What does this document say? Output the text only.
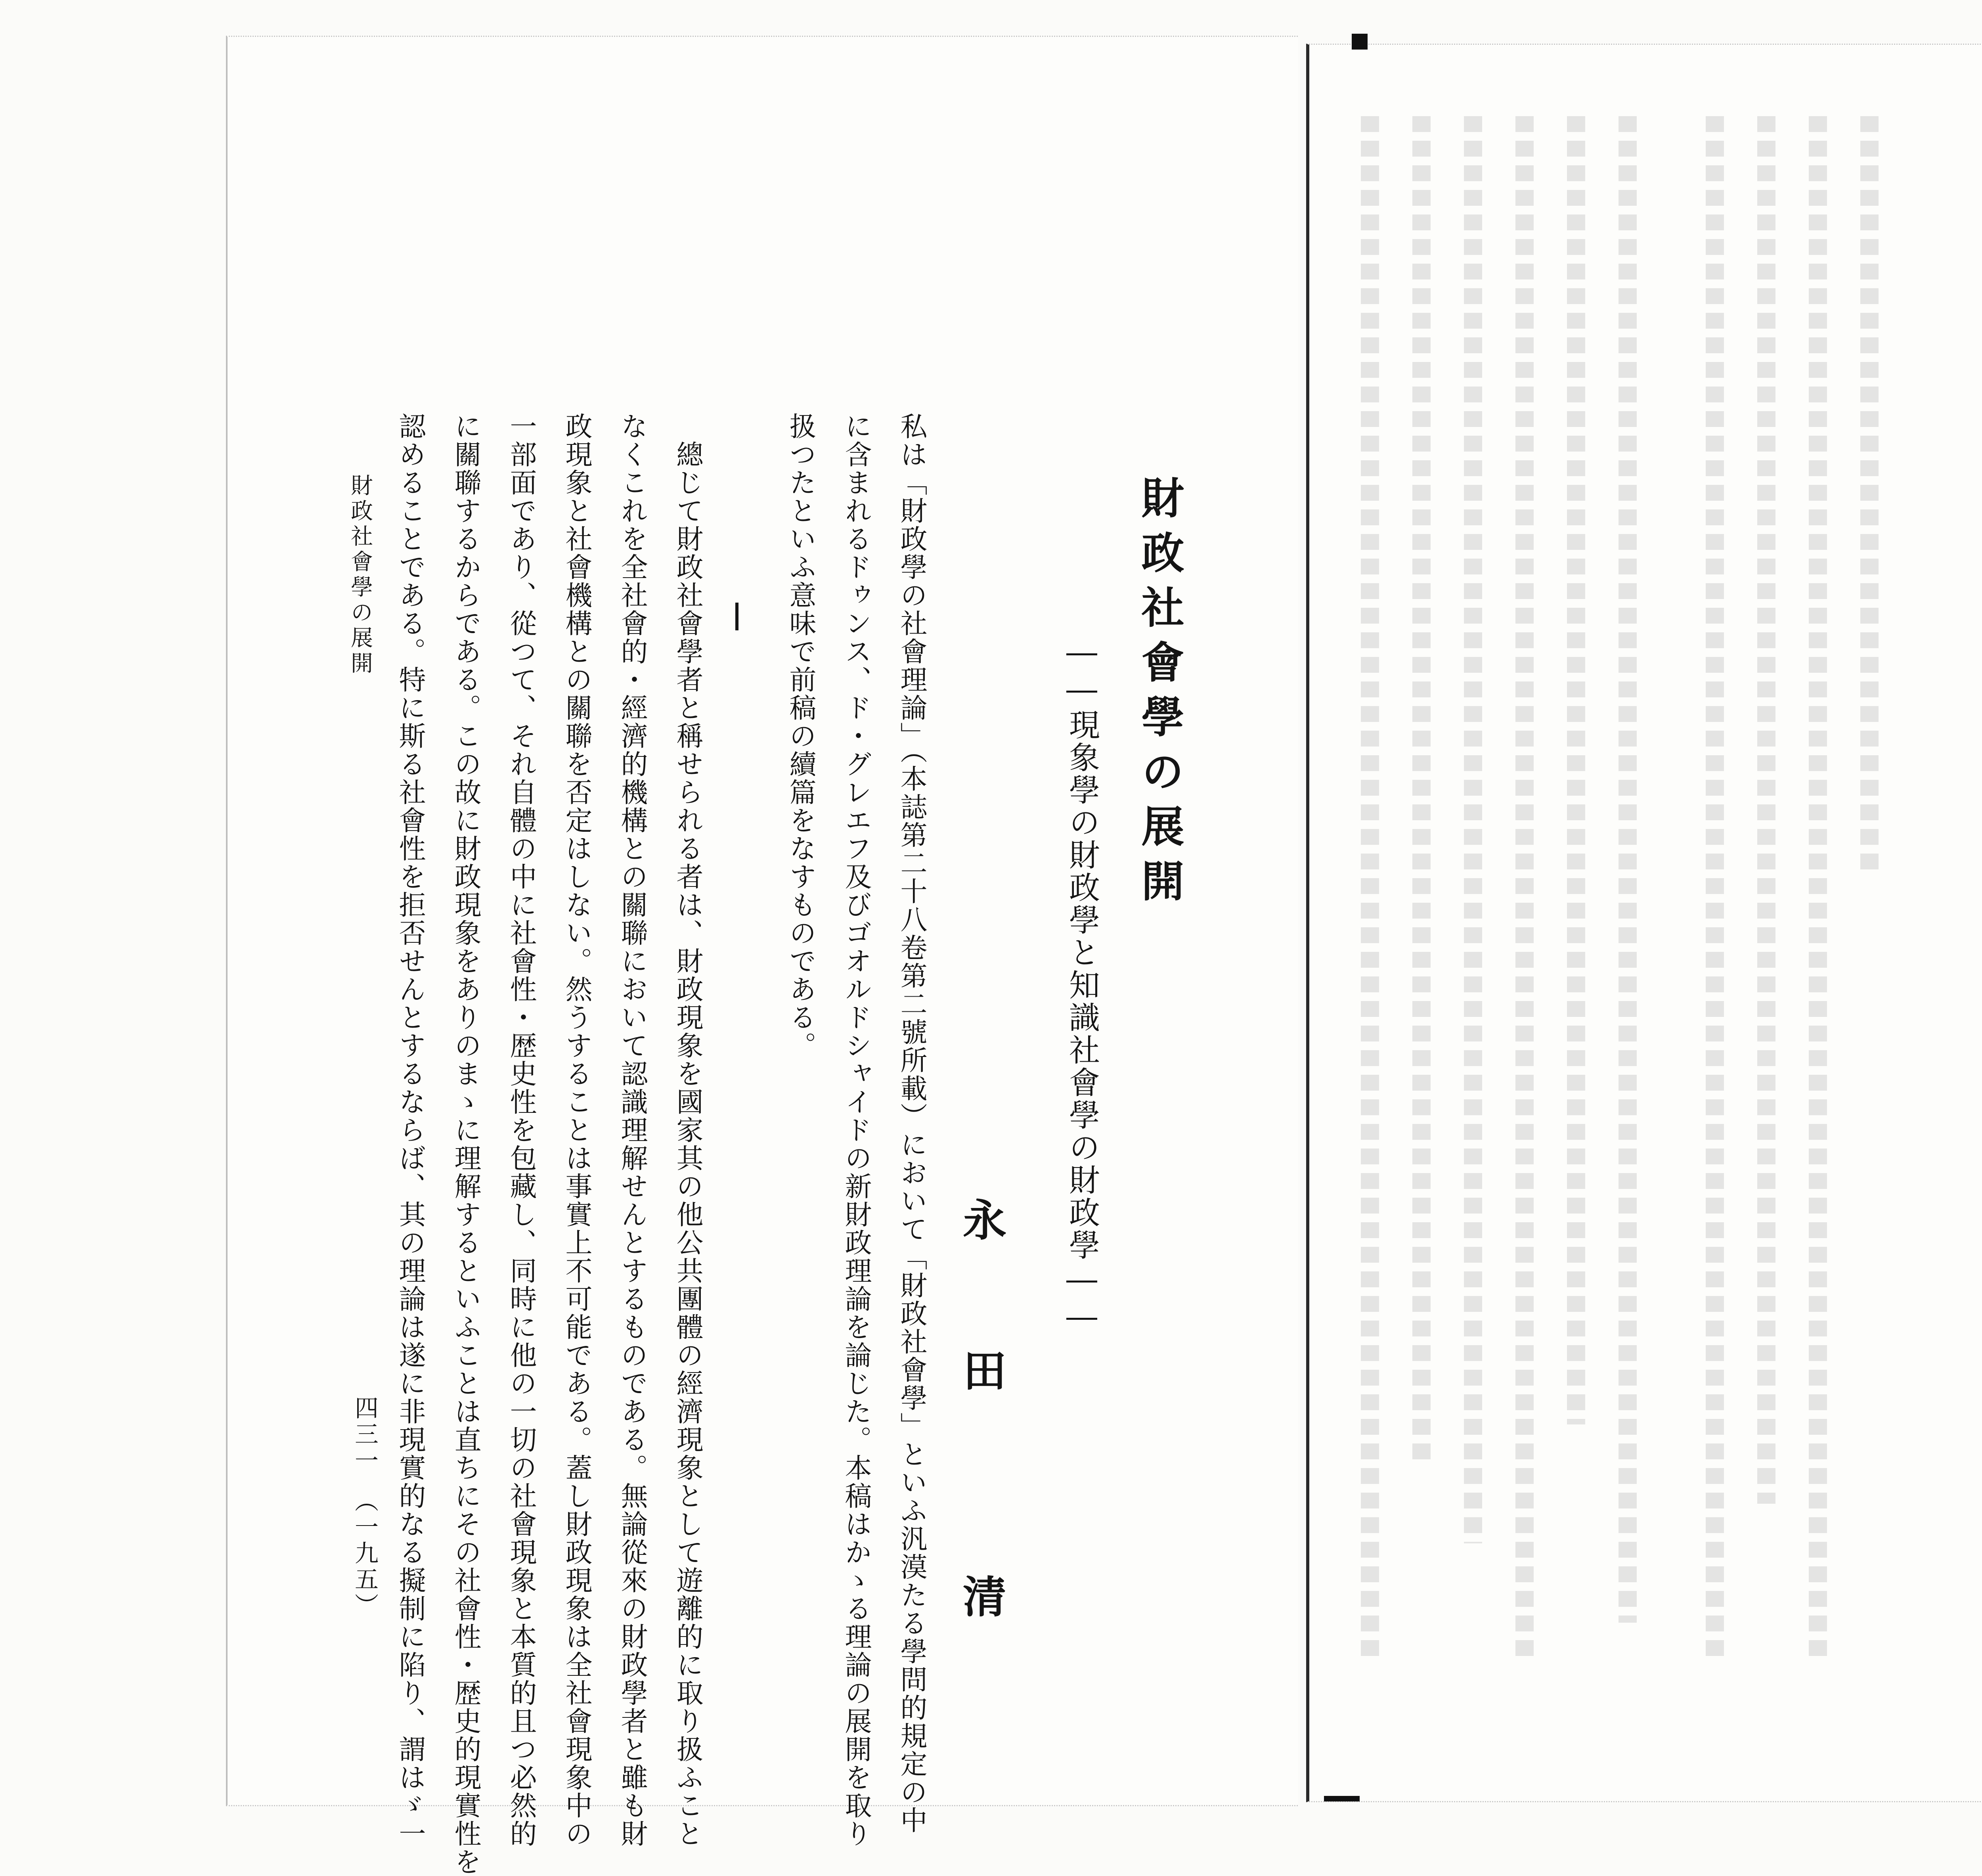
財政社會學の展開
――現象學の財政學と知識社會學の財政學――
永　田　　清
私は「財政學の社會理論」（本誌第二十八卷第二號所載）において「財政社會學」といふ汎漠たる學問的規定の中
に含まれるドゥンス、ド・グレエフ及びゴオルドシャイドの新財政理論を論じた。本稿はかゝる理論の展開を取り
扱つたといふ意味で前稿の續篇をなすものである。
　總じて財政社會學者と稱せられる者は、財政現象を國家其の他公共團體の經濟現象として遊離的に取り扱ふこと
なくこれを全社會的・經濟的機構との關聯において認識理解せんとするものである。無論從來の財政學者と雖も財
政現象と社會機構との關聯を否定はしない。然うすることは事實上不可能である。蓋し財政現象は全社會現象中の
一部面であり、從つて、それ自體の中に社會性・歴史性を包藏し、同時に他の一切の社會現象と本質的且つ必然的
に關聯するからである。この故に財政現象をありのまゝに理解するといふことは直ちにその社會性・歴史的現實性を
認めることである。特に斯る社會性を拒否せんとするならば、其の理論は遂に非現實的なる擬制に陷り、謂はゞ一
財政社會學の展開
四三一　（一九五）
